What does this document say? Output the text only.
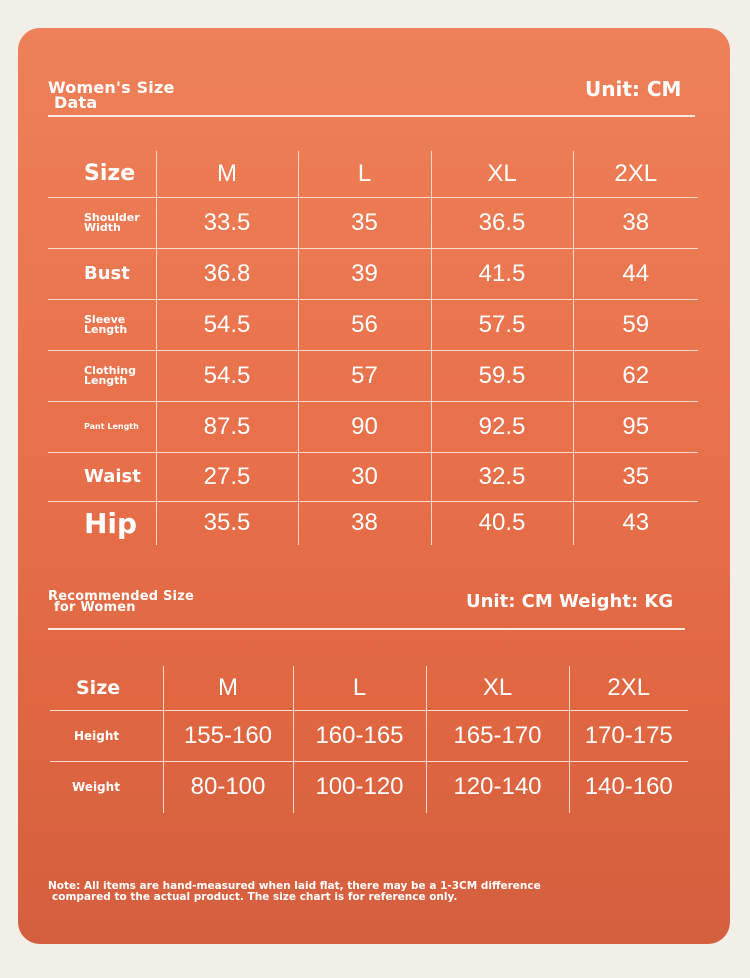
Women's Size
Data
Unit: CM
Size	M	L	XL	2XL
Shoulder Width	33.5	35	36.5	38
Bust	36.8	39	41.5	44
Sleeve Length	54.5	56	57.5	59
Clothing Length	54.5	57	59.5	62
Pant Length	87.5	90	92.5	95
Waist	27.5	30	32.5	35
Hip	35.5	38	40.5	43
Recommended Size
for Women	Unit: CM Weight: KG
Size	M	L	XL	2XL
Height	155-160	160-165	165-170	170-175
Weight	80-100	100-120	120-140	140-160
Note: All items are hand-measured when laid flat, there may be a 1-3CM difference
compared to the actual product. The size chart is for reference only.
